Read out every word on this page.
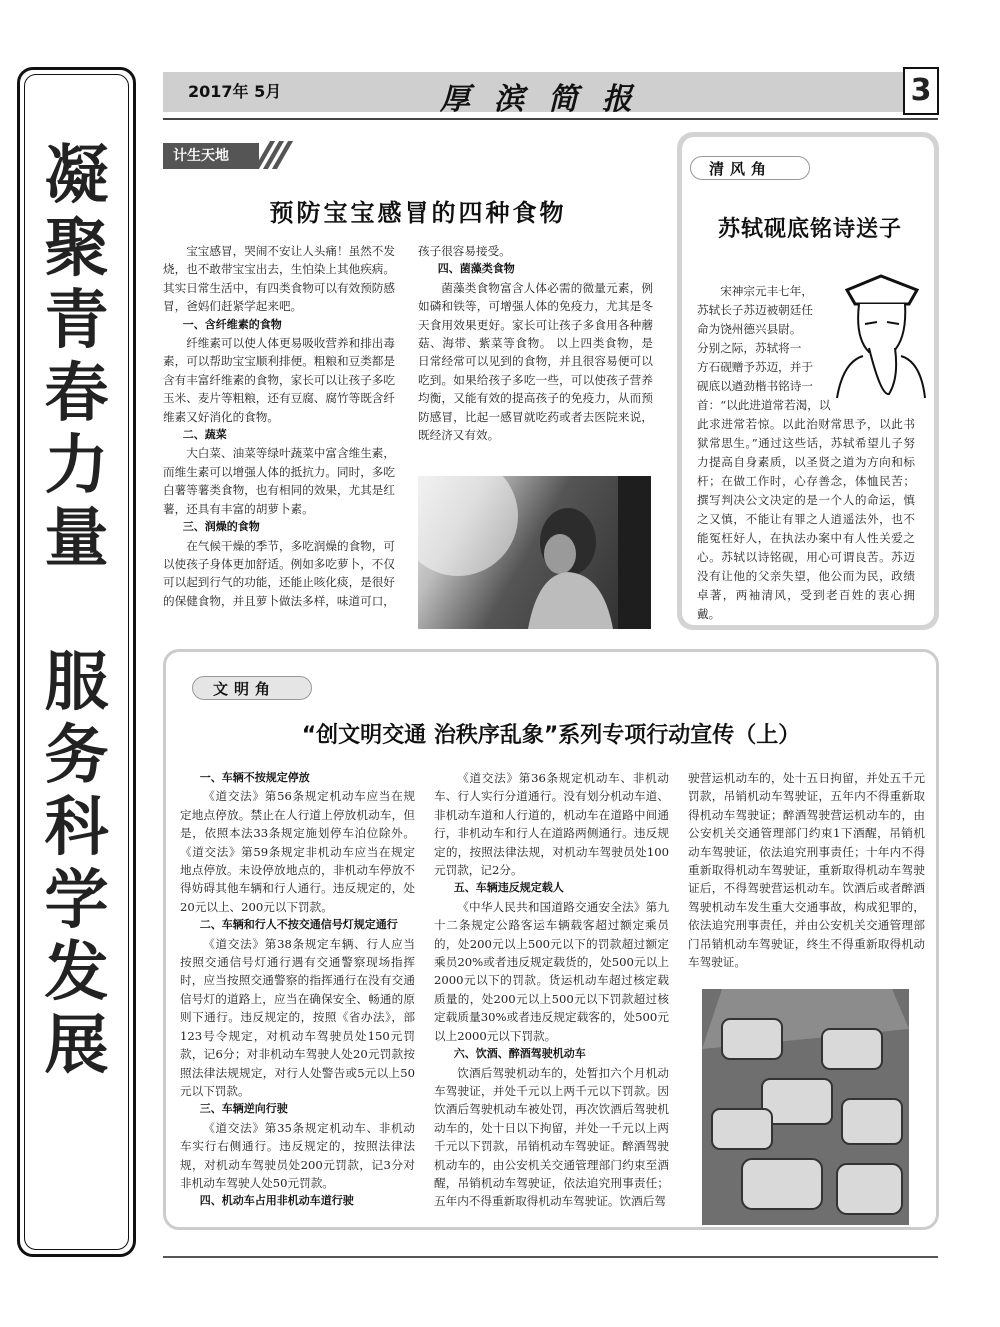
凝
聚
青
春
力
量

服
务
科
学
发
展
2017年 5月	厚滨简报	3
计生天地
预防宝宝感冒的四种食物

宝宝感冒，哭闹不安让人头痛！虽然不发烧，也不敢带宝宝出去，生怕染上其他疾病。其实日常生活中，有四类食物可以有效预防感冒，爸妈们赶紧学起来吧。

一、含纤维素的食物

纤维素可以使人体更易吸收营养和排出毒素，可以帮助宝宝顺利排便。粗粮和豆类都是含有丰富纤维素的食物，家长可以让孩子多吃玉米、麦片等粗粮，还有豆腐、腐竹等既含纤维素又好消化的食物。

二、蔬菜

大白菜、油菜等绿叶蔬菜中富含维生素，而维生素可以增强人体的抵抗力。同时，多吃白薯等薯类食物，也有相同的效果，尤其是红薯，还具有丰富的胡萝卜素。

三、润燥的食物

在气候干燥的季节，多吃润燥的食物，可以使孩子身体更加舒适。例如多吃萝卜，不仅可以起到行气的功能，还能止咳化痰，是很好的保健食物，并且萝卜做法多样，味道可口，

孩子很容易接受。

四、菌藻类食物

菌藻类食物富含人体必需的微量元素，例如磷和铁等，可增强人体的免疫力，尤其是冬天食用效果更好。家长可让孩子多食用各种蘑菇、海带、紫菜等食物。 以上四类食物，是日常经常可以见到的食物，并且很容易便可以吃到。如果给孩子多吃一些，可以使孩子营养均衡，又能有效的提高孩子的免疫力，从而预防感冒，比起一感冒就吃药或者去医院来说，既经济又有效。

清风角
苏轼砚底铭诗送子
宋神宗元丰七年，
苏轼长子苏迈被朝廷任
命为饶州德兴县尉。
分别之际，苏轼将一
方石砚赠予苏迈，并于
砚底以遒劲楷书铭诗一
首：“以此进道常若渴，以

此求进常若惊。以此治财常思予，以此书狱常思生。”通过这些话，苏轼希望儿子努力提高自身素质，以圣贤之道为方向和标杆；在做工作时，心存善念，体恤民苦；撰写判决公文决定的是一个人的命运，慎之又慎，不能让有罪之人逍遥法外，也不能冤枉好人，在执法办案中有人性关爱之心。苏轼以诗铭砚，用心可谓良苦。苏迈没有让他的父亲失望，他公而为民，政绩卓著，两袖清风，受到老百姓的衷心拥戴。

文明角
“创文明交通 治秩序乱象”系列专项行动宣传（上）
一、车辆不按规定停放

《道交法》第56条规定机动车应当在规定地点停放。禁止在人行道上停放机动车，但是，依照本法33条规定施划停车泊位除外。《道交法》第59条规定非机动车应当在规定地点停放。未设停放地点的，非机动车停放不得妨碍其他车辆和行人通行。违反规定的，处20元以上、200元以下罚款。

二、车辆和行人不按交通信号灯规定通行

《道交法》第38条规定车辆、行人应当按照交通信号灯通行遇有交通警察现场指挥时，应当按照交通警察的指挥通行在没有交通信号灯的道路上，应当在确保安全、畅通的原则下通行。违反规定的，按照《省办法》，部123号令规定，对机动车驾驶员处150元罚款，记6分；对非机动车驾驶人处20元罚款按照法律法规规定，对行人处警告或5元以上50元以下罚款。

三、车辆逆向行驶

《道交法》第35条规定机动车、非机动车实行右侧通行。违反规定的，按照法律法规，对机动车驾驶员处200元罚款，记3分对非机动车驾驶人处50元罚款。

四、机动车占用非机动车道行驶

《道交法》第36条规定机动车、非机动车、行人实行分道通行。没有划分机动车道、非机动车道和人行道的，机动车在道路中间通行，非机动车和行人在道路两侧通行。违反规定的，按照法律法规，对机动车驾驶员处100元罚款，记2分。

五、车辆违反规定载人

《中华人民共和国道路交通安全法》第九十二条规定公路客运车辆载客超过额定乘员的，处200元以上500元以下的罚款超过额定乘员20%或者违反规定载货的，处500元以上2000元以下的罚款。货运机动车超过核定载质量的，处200元以上500元以下罚款超过核定载质量30%或者违反规定载客的，处500元以上2000元以下罚款。

六、饮酒、醉酒驾驶机动车

饮酒后驾驶机动车的，处暂扣六个月机动车驾驶证，并处千元以上两千元以下罚款。因饮酒后驾驶机动车被处罚，再次饮酒后驾驶机动车的，处十日以下拘留，并处一千元以上两千元以下罚款，吊销机动车驾驶证。醉酒驾驶机动车的，由公安机关交通管理部门约束至酒醒，吊销机动车驾驶证，依法追究刑事责任；五年内不得重新取得机动车驾驶证。饮酒后驾

驶营运机动车的，处十五日拘留，并处五千元罚款，吊销机动车驾驶证，五年内不得重新取得机动车驾驶证；醉酒驾驶营运机动车的，由公安机关交通管理部门约束1下酒醒，吊销机动车驾驶证，依法追究刑事责任；十年内不得重新取得机动车驾驶证，重新取得机动车驾驶证后，不得驾驶营运机动车。饮酒后或者醉酒驾驶机动车发生重大交通事故，构成犯罪的，依法追究刑事责任，并由公安机关交通管理部门吊销机动车驾驶证，终生不得重新取得机动车驾驶证。
